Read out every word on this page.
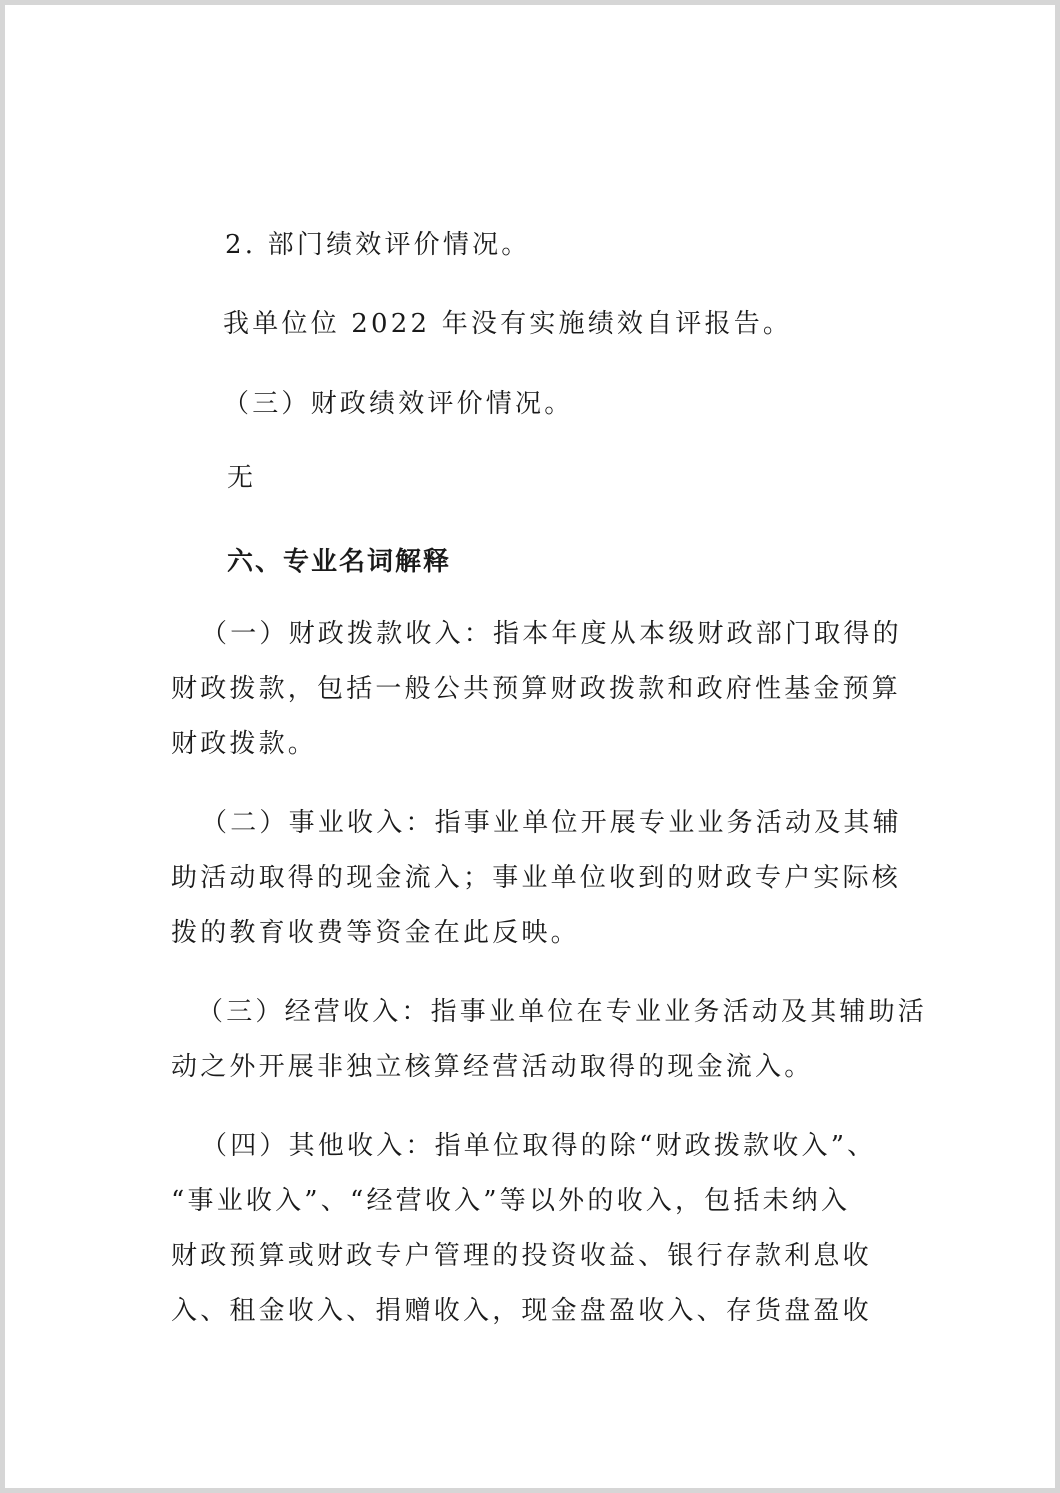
2. 部门绩效评价情况。
我单位位 2022 年没有实施绩效自评报告。
（三）财政绩效评价情况。
无
六、专业名词解释
（一）财政拨款收入：指本年度从本级财政部门取得的
财政拨款，包括一般公共预算财政拨款和政府性基金预算
财政拨款。
（二）事业收入：指事业单位开展专业业务活动及其辅
助活动取得的现金流入；事业单位收到的财政专户实际核
拨的教育收费等资金在此反映。
（三）经营收入：指事业单位在专业业务活动及其辅助活
动之外开展非独立核算经营活动取得的现金流入。
（四）其他收入：指单位取得的除“财政拨款收入”、
“事业收入”、“经营收入”等以外的收入，包括未纳入
财政预算或财政专户管理的投资收益、银行存款利息收
入、租金收入、捐赠收入，现金盘盈收入、存货盘盈收
